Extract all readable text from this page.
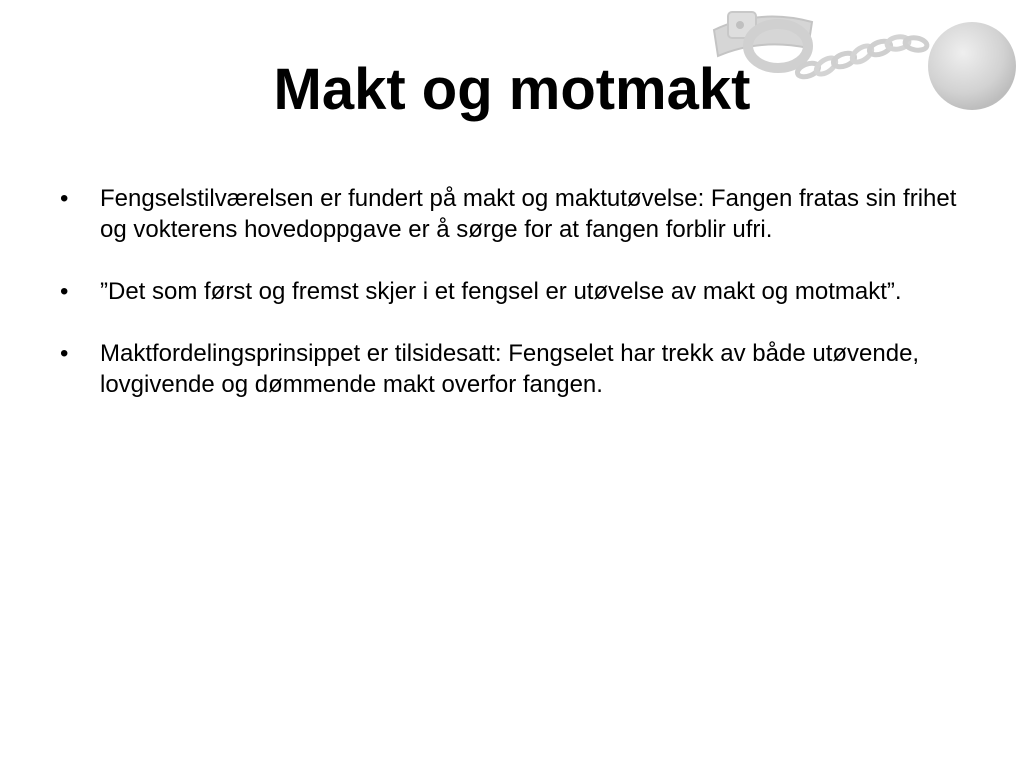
Makt og motmakt
•	Fengselstilværelsen er fundert på makt og maktutøvelse: Fangen fratas sin frihet og vokterens hovedoppgave er å sørge for at fangen forblir ufri.
•	”Det som først og fremst skjer i et fengsel er utøvelse av makt og motmakt”.
•	Maktfordelingsprinsippet er tilsidesatt: Fengselet har trekk av både utøvende, lovgivende og dømmende makt overfor fangen.
